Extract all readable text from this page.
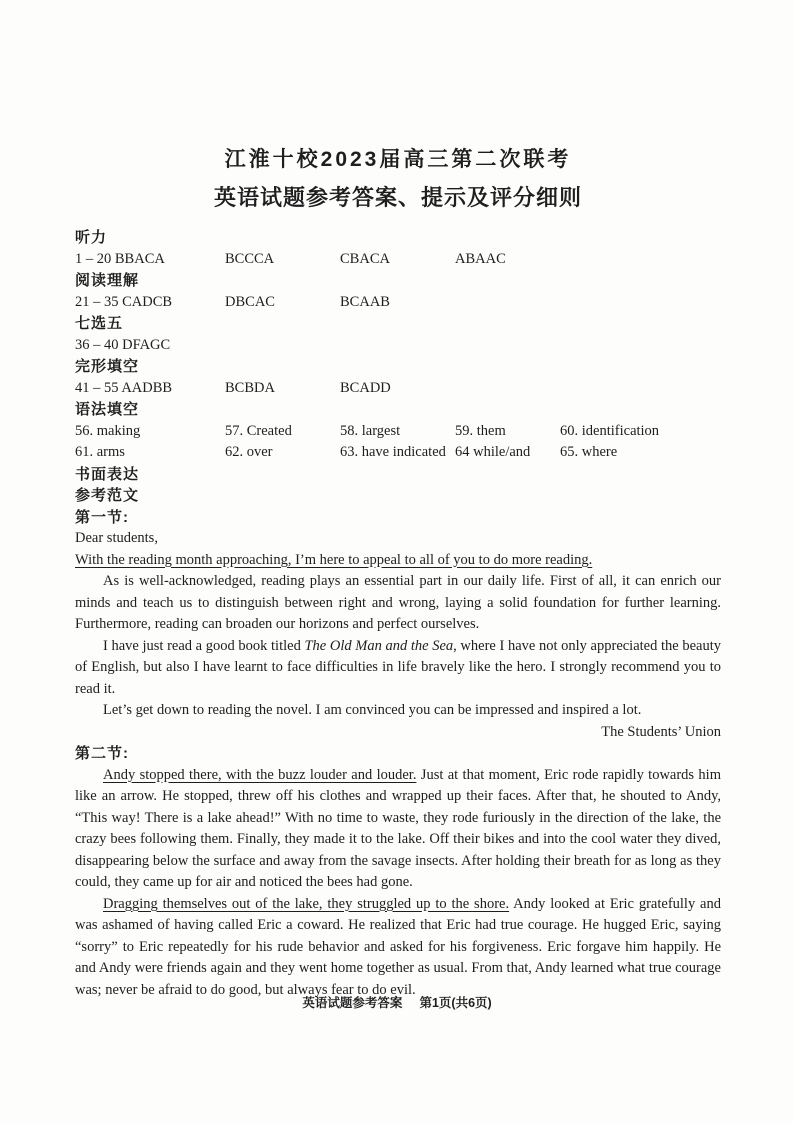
江淮十校2023届高三第二次联考
英语试题参考答案、提示及评分细则
听力
1 – 20 BBACA	BCCCA	CBACA	ABAAC
阅读理解
21 – 35 CADCB	DBCAC	BCAAB
七选五
36 – 40 DFAGC
完形填空
41 – 55 AADBB	BCBDA	BCADD
语法填空
56. making	57. Created	58. largest	59. them	60. identification
61. arms	62. over	63. have indicated 64 while/and	65. where
书面表达
参考范文
第一节:

Dear students,

With the reading month approaching, I’m here to appeal to all of you to do more reading.

As is well-acknowledged, reading plays an essential part in our daily life. First of all, it can enrich our minds and teach us to distinguish between right and wrong, laying a solid foundation for further learning. Furthermore, reading can broaden our horizons and perfect ourselves.

I have just read a good book titled The Old Man and the Sea, where I have not only appreciated the beauty of English, but also I have learnt to face difficulties in life bravely like the hero. I strongly recommend you to read it.

Let’s get down to reading the novel. I am convinced you can be impressed and inspired a lot.

The Students’ Union

第二节:

Andy stopped there, with the buzz louder and louder. Just at that moment, Eric rode rapidly towards him like an arrow. He stopped, threw off his clothes and wrapped up their faces. After that, he shouted to Andy, “This way! There is a lake ahead!” With no time to waste, they rode furiously in the direction of the lake, the crazy bees following them. Finally, they made it to the lake. Off their bikes and into the cool water they dived, disappearing below the surface and away from the savage insects. After holding their breath for as long as they could, they came up for air and noticed the bees had gone.

Dragging themselves out of the lake, they struggled up to the shore. Andy looked at Eric gratefully and was ashamed of having called Eric a coward. He realized that Eric had true courage. He hugged Eric, saying “sorry” to Eric repeatedly for his rude behavior and asked for his forgiveness. Eric forgave him happily. He and Andy were friends again and they went home together as usual. From that, Andy learned what true courage was; never be afraid to do good, but always fear to do evil.

英语试题参考答案 第1页(共6页)
